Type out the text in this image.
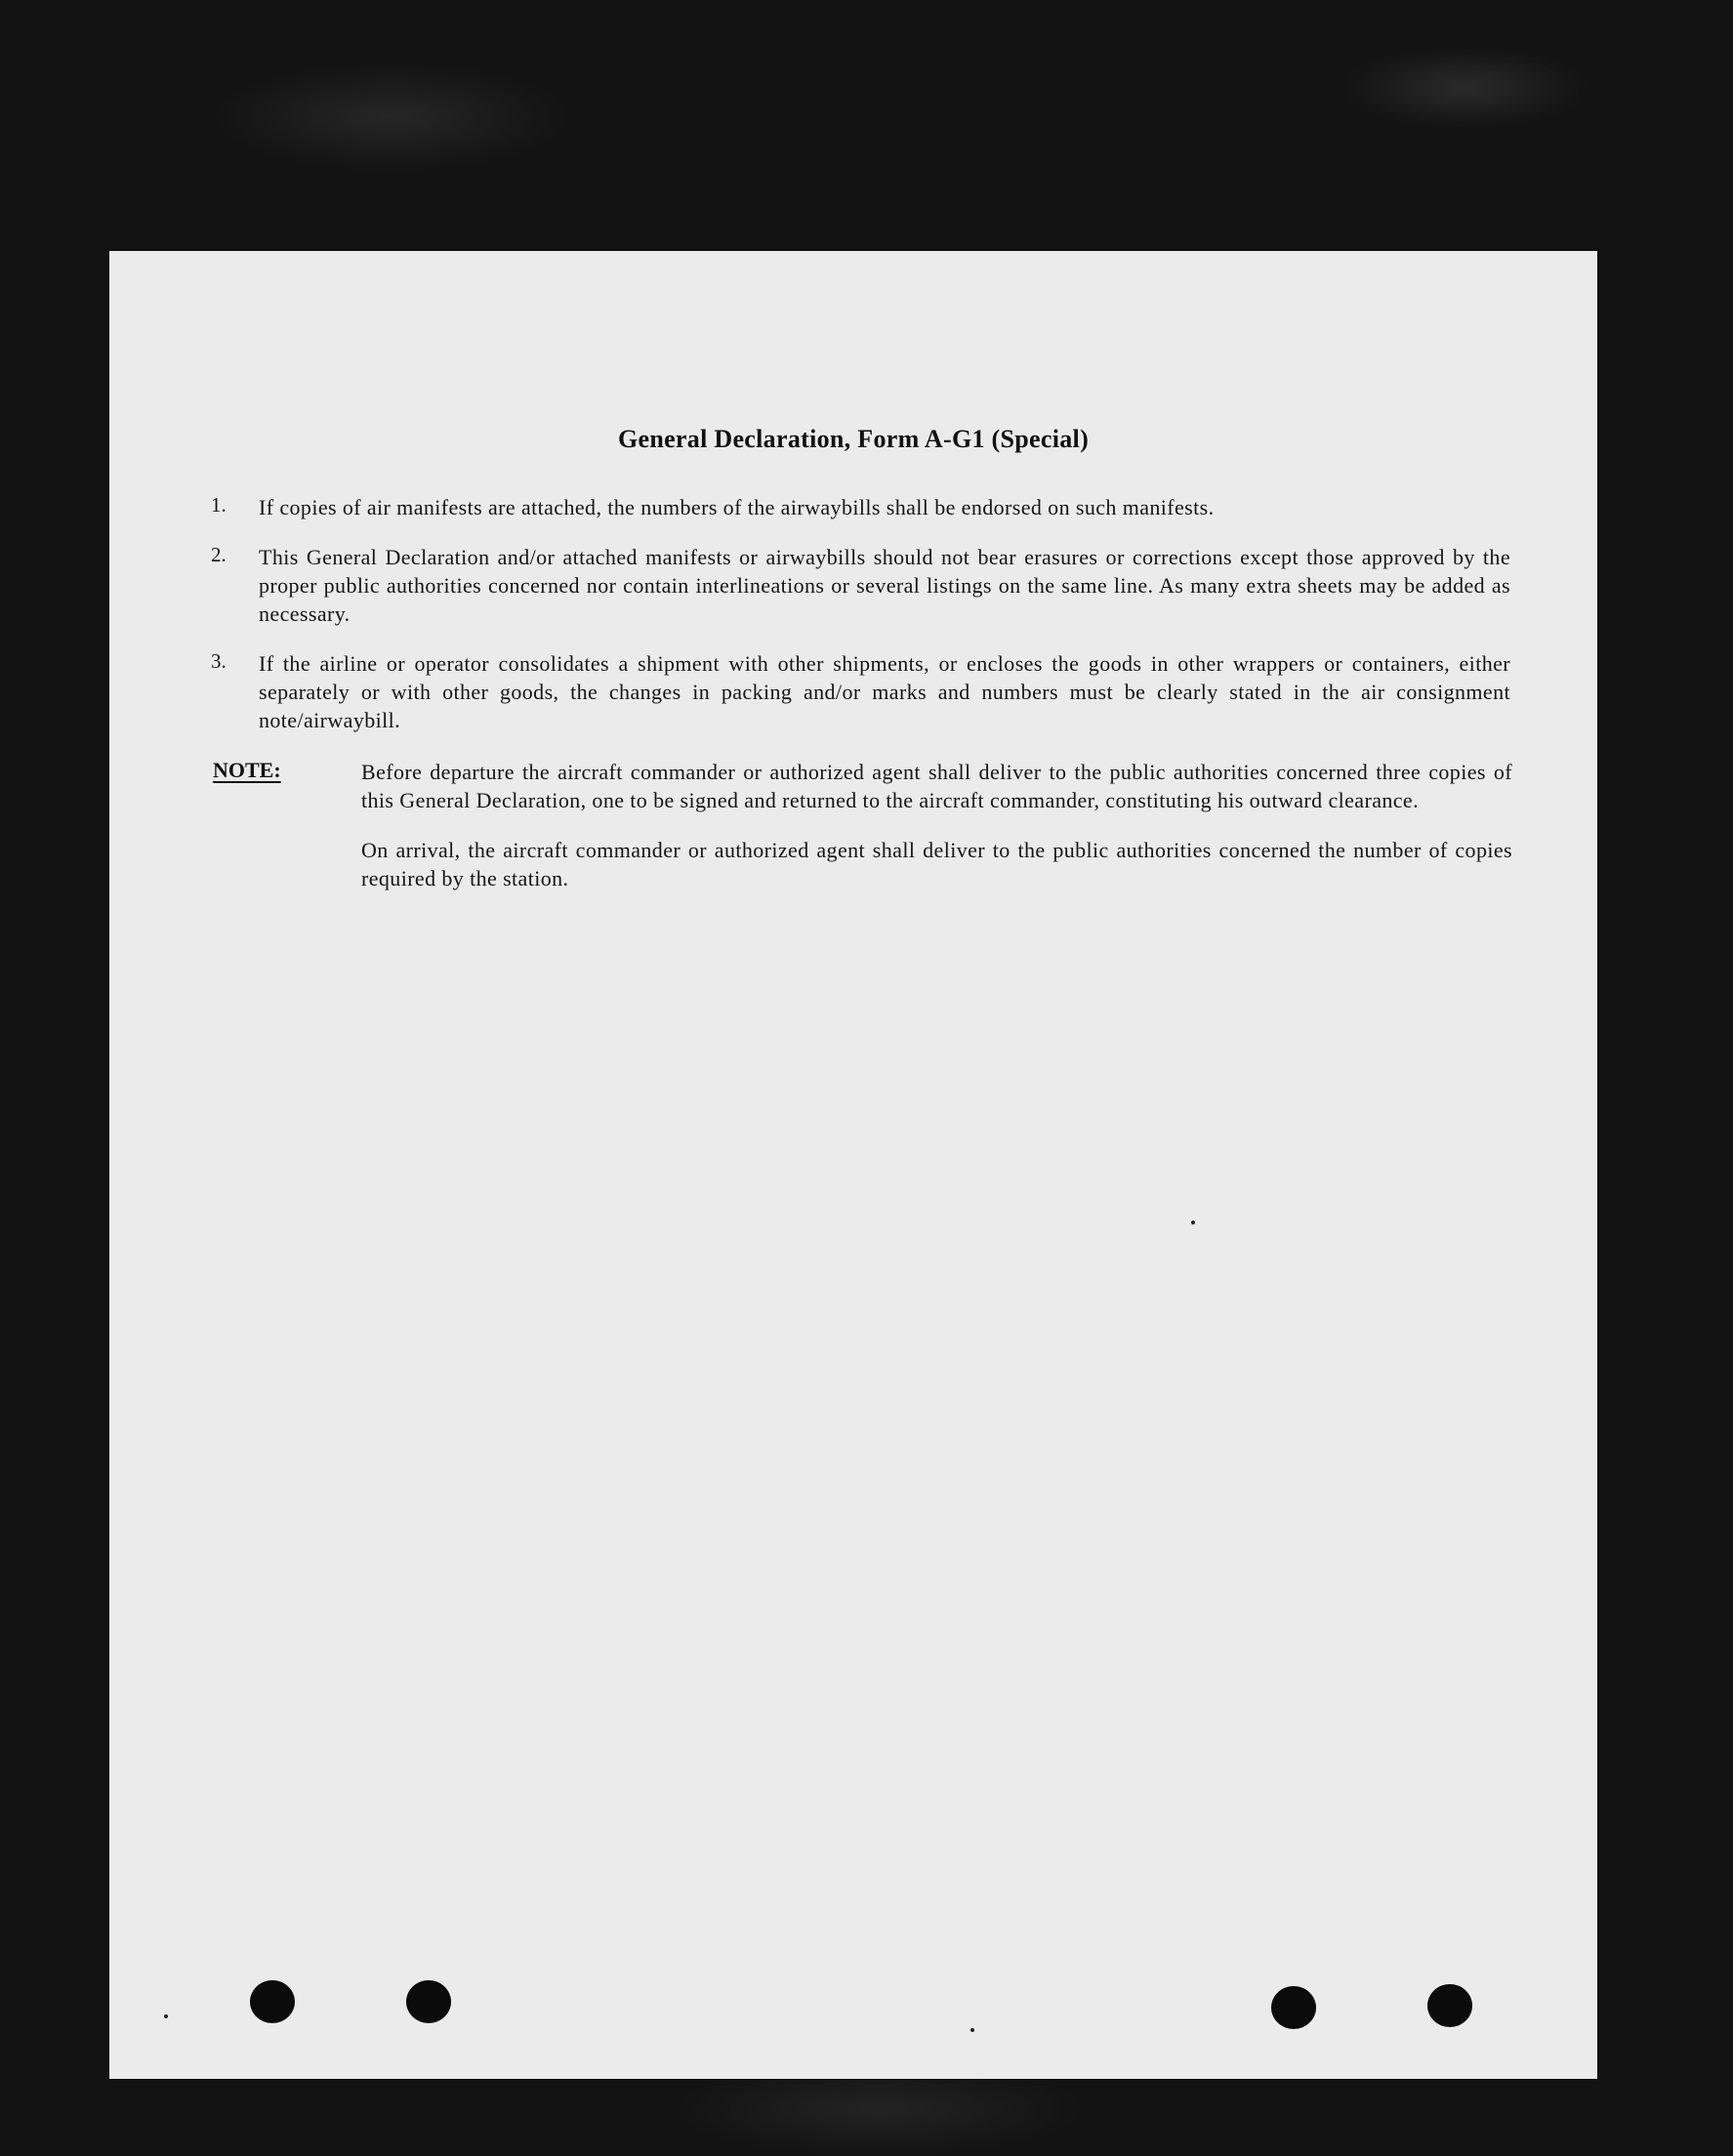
General Declaration, Form A-G1 (Special)
1.	If copies of air manifests are attached, the numbers of the airwaybills shall be endorsed on such manifests.
2.	This General Declaration and/or attached manifests or airwaybills should not bear erasures or corrections except those approved by the proper public authorities concerned nor contain interlineations or several listings on the same line. As many extra sheets may be added as necessary.
3.	If the airline or operator consolidates a shipment with other shipments, or encloses the goods in other wrappers or containers, either separately or with other goods, the changes in packing and/or marks and numbers must be clearly stated in the air consignment note/airwaybill.
NOTE:	Before departure the aircraft commander or authorized agent shall deliver to the public authorities concerned three copies of this General Declaration, one to be signed and returned to the aircraft commander, constituting his outward clearance.
On arrival, the aircraft commander or authorized agent shall deliver to the public authorities concerned the number of copies required by the station.
